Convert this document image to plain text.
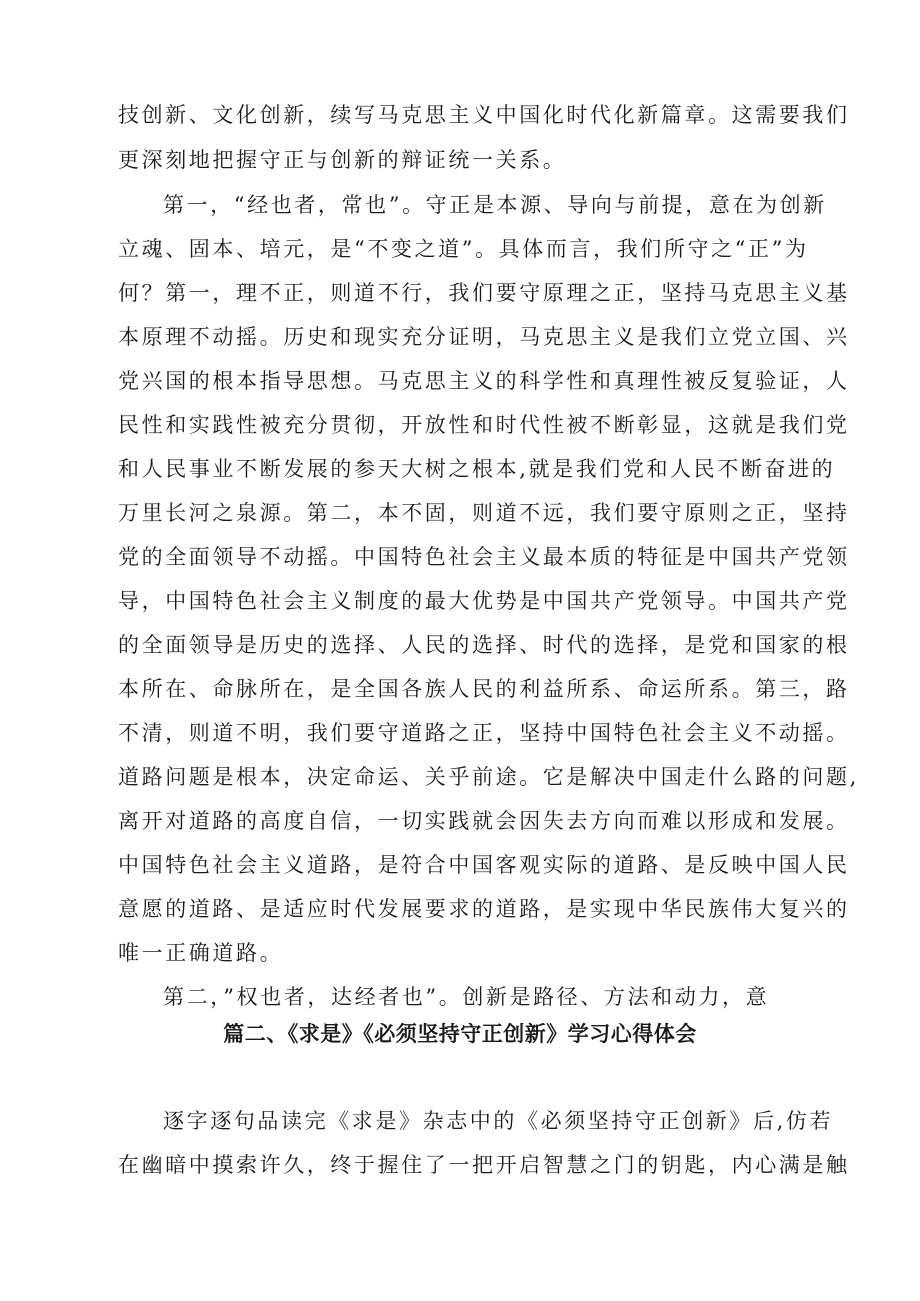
技创新、文化创新，续写马克思主义中国化时代化新篇章。这需要我们
更深刻地把握守正与创新的辩证统一关系。
第一，“经也者，常也”。守正是本源、导向与前提，意在为创新
立魂、固本、培元，是“不变之道”。具体而言，我们所守之“正”为
何？第一，理不正，则道不行，我们要守原理之正，坚持马克思主义基
本原理不动摇。历史和现实充分证明，马克思主义是我们立党立国、兴
党兴国的根本指导思想。马克思主义的科学性和真理性被反复验证，人
民性和实践性被充分贯彻，开放性和时代性被不断彰显，这就是我们党
和人民事业不断发展的参天大树之根本,就是我们党和人民不断奋进的
万里长河之泉源。第二，本不固，则道不远，我们要守原则之正，坚持
党的全面领导不动摇。中国特色社会主义最本质的特征是中国共产党领
导，中国特色社会主义制度的最大优势是中国共产党领导。中国共产党
的全面领导是历史的选择、人民的选择、时代的选择，是党和国家的根
本所在、命脉所在，是全国各族人民的利益所系、命运所系。第三，路
不清，则道不明，我们要守道路之正，坚持中国特色社会主义不动摇。
道路问题是根本，决定命运、关乎前途。它是解决中国走什么路的问题,
离开对道路的高度自信，一切实践就会因失去方向而难以形成和发展。
中国特色社会主义道路，是符合中国客观实际的道路、是反映中国人民
意愿的道路、是适应时代发展要求的道路，是实现中华民族伟大复兴的
唯一正确道路。
第二，”权也者，达经者也”。创新是路径、方法和动力，意
篇二、《求是》《必须坚持守正创新》学习心得体会
逐字逐句品读完《求是》杂志中的《必须坚持守正创新》后,仿若
在幽暗中摸索许久，终于握住了一把开启智慧之门的钥匙，内心满是触
